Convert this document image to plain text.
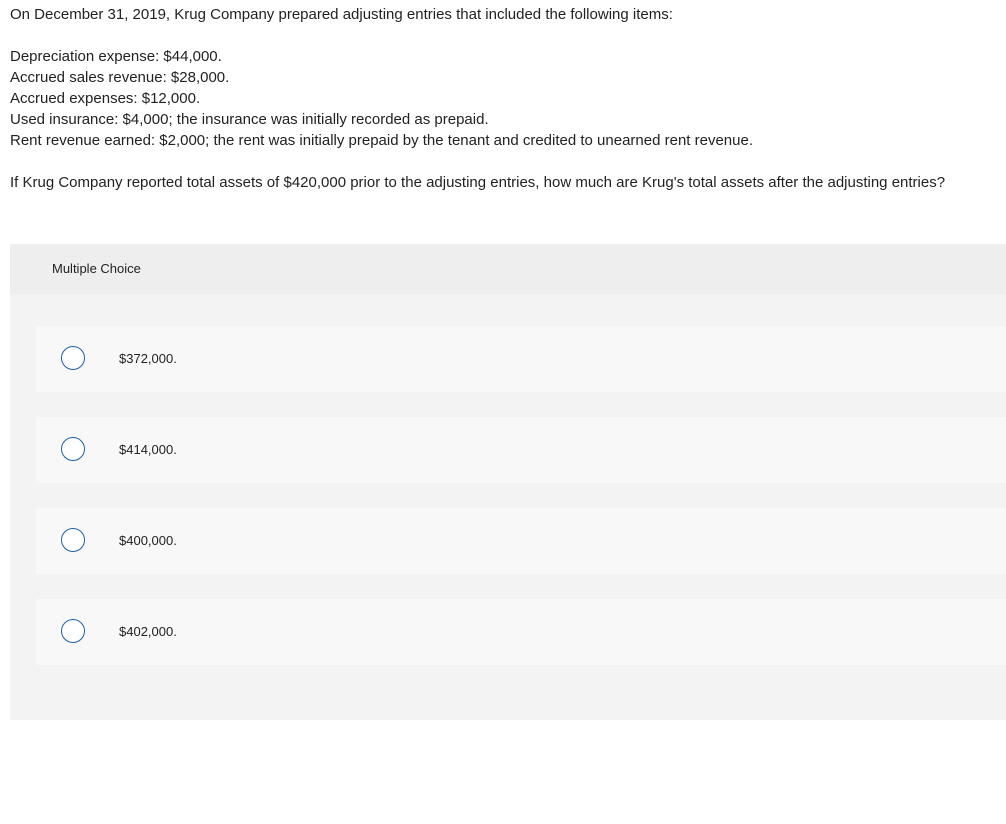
On December 31, 2019, Krug Company prepared adjusting entries that included the following items:

Depreciation expense: $44,000.

Accrued sales revenue: $28,000.

Accrued expenses: $12,000.

Used insurance: $4,000; the insurance was initially recorded as prepaid.

Rent revenue earned: $2,000; the rent was initially prepaid by the tenant and credited to unearned rent revenue.

If Krug Company reported total assets of $420,000 prior to the adjusting entries, how much are Krug's total assets after the adjusting entries?

Multiple Choice
$372,000.
$414,000.
$400,000.
$402,000.
